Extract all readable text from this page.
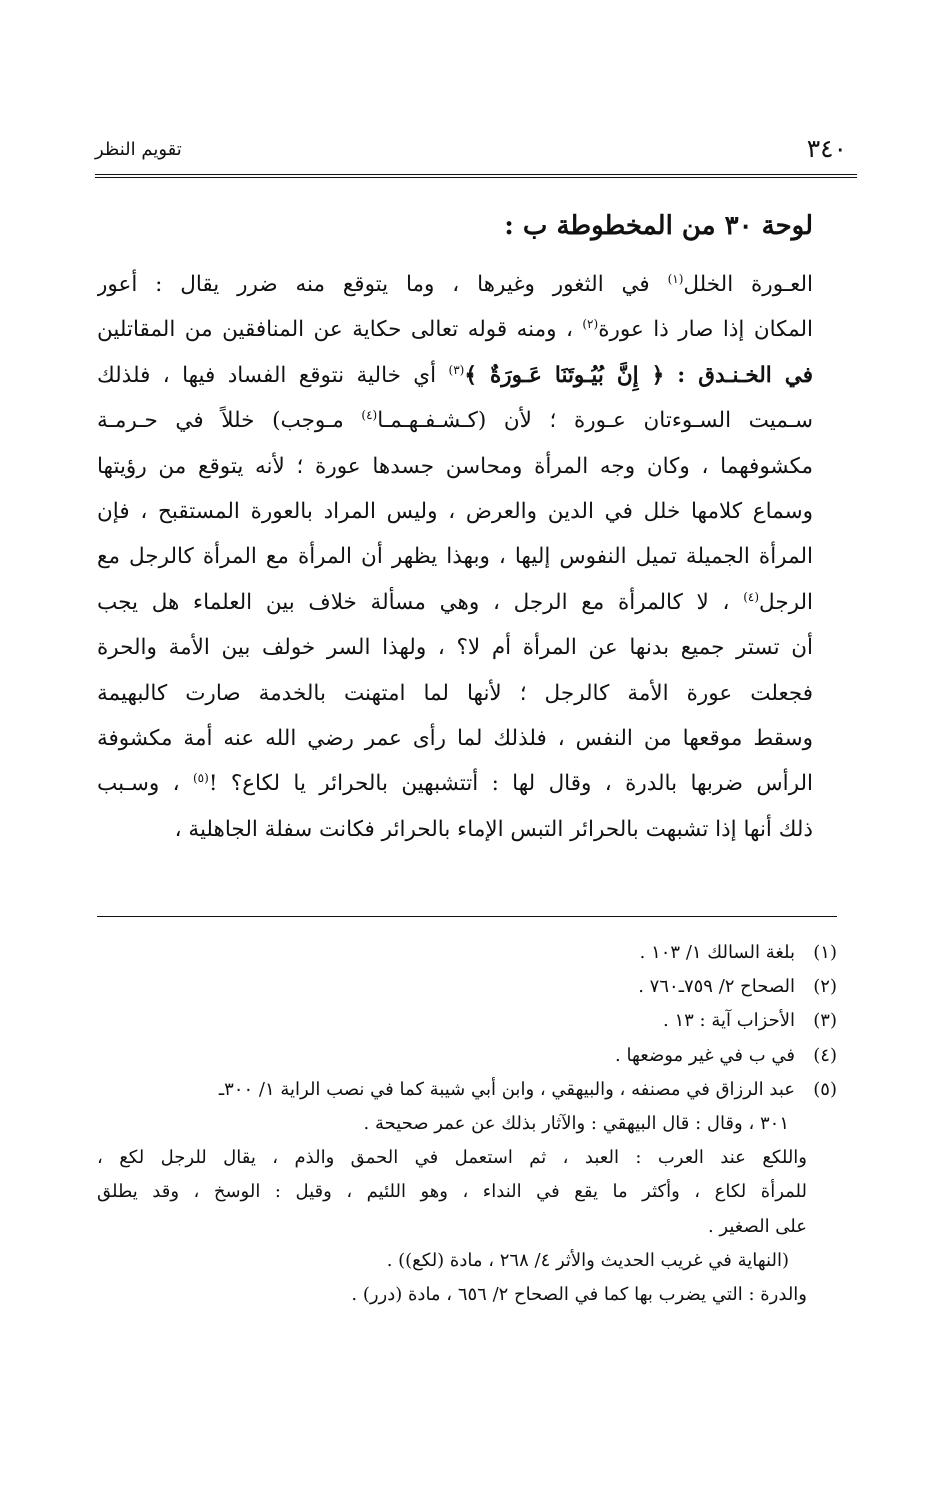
٣٤٠
تقويم النظر
لوحة ٣٠ من المخطوطة ب :
العـورة الخلل$^{(١)}$ في الثغور وغيرها ، وما يتوقع منه ضرر يقال : أعور
المكان إذا صار ذا عورة$^{(٢)}$ ، ومنه قوله تعالى حكاية عن المنافقين من المقاتلين
في الخـنـدق : ﴿ إِنَّ بُيُـوتَنَا عَـورَةٌ ﴾$^{(٣)}$ أي خالية نتوقع الفساد فيها ، فلذلك
سـميت السـوءتان عـورة ؛ لأن (كـشـفـهـمـا$^{(٤)}$ مـوجب) خللاً في حـرمـة
مكشوفهما ، وكان وجه المرأة ومحاسن جسدها عورة ؛ لأنه يتوقع من رؤيتها
وسماع كلامها خلل في الدين والعرض ، وليس المراد بالعورة المستقبح ، فإن
المرأة الجميلة تميل النفوس إليها ، وبهذا يظهر أن المرأة مع المرأة كالرجل مع
الرجل$^{(٤)}$ ، لا كالمرأة مع الرجل ، وهي مسألة خلاف بين العلماء هل يجب
أن تستر جميع بدنها عن المرأة أم لا؟ ، ولهذا السر خولف بين الأمة والحرة
فجعلت عورة الأمة كالرجل ؛ لأنها لما امتهنت بالخدمة صارت كالبهيمة
وسقط موقعها من النفس ، فلذلك لما رأى عمر رضي الله عنه أمة مكشوفة
الرأس ضربها بالدرة ، وقال لها : أتتشبهين بالحرائر يا لكاع؟ !$^{(٥)}$ ، وسـبب
ذلك أنها إذا تشبهت بالحرائر التبس الإماء بالحرائر فكانت سفلة الجاهلية ،
(١)بلغة السالك ١/ ١٠٣ .
(٢)الصحاح ٢/ ٧٥٩ـ٧٦٠ .
(٣)الأحزاب آية : ١٣ .
(٤)في ب في غير موضعها .
(٥)عبد الرزاق في مصنفه ، والبيهقي ، وابن أبي شيبة كما في نصب الراية ١/ ٣٠٠ـ
٣٠١ ، وقال : قال البيهقي : والآثار بذلك عن عمر صحيحة .
واللكع عند العرب : العبد ، ثم استعمل في الحمق والذم ، يقال للرجل لكع ،
للمرأة لكاع ، وأكثر ما يقع في النداء ، وهو اللئيم ، وقيل : الوسخ ، وقد يطلق
على الصغير .
(النهاية في غريب الحديث والأثر ٤/ ٢٦٨ ، مادة (لكع)) .
والدرة : التي يضرب بها كما في الصحاح ٢/ ٦٥٦ ، مادة (درر) .
